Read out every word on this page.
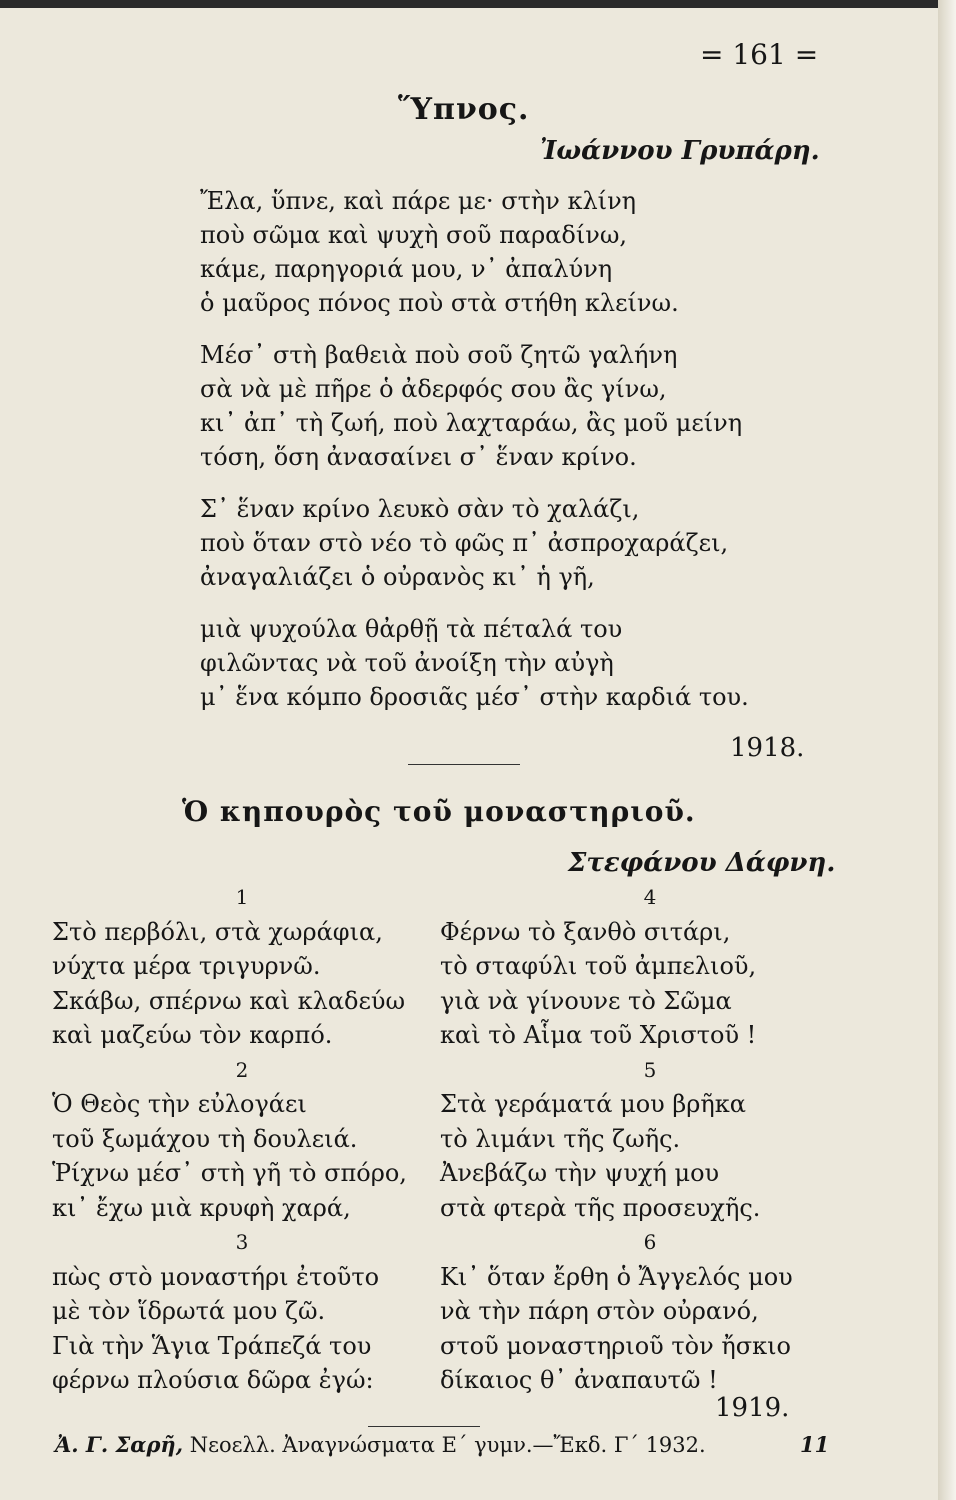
= 161 =
Ὕπνος.
Ἰωάννου Γρυπάρη.
Ἔλα, ὕπνε, καὶ πάρε με· στὴν κλίνη
ποὺ σῶμα καὶ ψυχὴ σοῦ παραδίνω,
κάμε, παρηγοριά μου, ν᾽ ἀπαλύνη
ὁ μαῦρος πόνος ποὺ στὰ στήθη κλείνω.
Μέσ᾽ στὴ βαθειὰ ποὺ σοῦ ζητῶ γαλήνη
σὰ νὰ μὲ πῆρε ὁ ἀδερφός σου ἂς γίνω,
κι᾽ ἀπ᾽ τὴ ζωή, ποὺ λαχταράω, ἂς μοῦ μείνη
τόση, ὅση ἀνασαίνει σ᾽ ἕναν κρίνο.
Σ᾽ ἕναν κρίνο λευκὸ σὰν τὸ χαλάζι,
ποὺ ὅταν στὸ νέο τὸ φῶς π᾽ ἀσπροχαράζει,
ἀναγαλιάζει ὁ οὐρανὸς κι᾽ ἡ γῆ,
μιὰ ψυχούλα θἀρθῇ τὰ πέταλά του
φιλῶντας νὰ τοῦ ἀνοίξη τὴν αὐγὴ
μ᾽ ἕνα κόμπο δροσιᾶς μέσ᾽ στὴν καρδιά του.
1918.
Ὁ κηπουρὸς τοῦ μοναστηριοῦ.
Στεφάνου Δάφνη.
1
Στὸ περβόλι, στὰ χωράφια,
νύχτα μέρα τριγυρνῶ.
Σκάβω, σπέρνω καὶ κλαδεύω
καὶ μαζεύω τὸν καρπό.
2
Ὁ Θεὸς τὴν εὐλογάει
τοῦ ξωμάχου τὴ δουλειά.
Ῥίχνω μέσ᾽ στὴ γῆ τὸ σπόρο,
κι᾽ ἔχω μιὰ κρυφὴ χαρά,
3
πὼς στὸ μοναστήρι ἐτοῦτο
μὲ τὸν ἵδρωτά μου ζῶ.
Γιὰ τὴν Ἅγια Τράπεζά του
φέρνω πλούσια δῶρα ἐγώ:
4
Φέρνω τὸ ξανθὸ σιτάρι,
τὸ σταφύλι τοῦ ἀμπελιοῦ,
γιὰ νὰ γίνουνε τὸ Σῶμα
καὶ τὸ Αἷμα τοῦ Χριστοῦ !
5
Στὰ γεράματά μου βρῆκα
τὸ λιμάνι τῆς ζωῆς.
Ἀνεβάζω τὴν ψυχή μου
στὰ φτερὰ τῆς προσευχῆς.
6
Κι᾽ ὅταν ἔρθη ὁ Ἄγγελός μου
νὰ τὴν πάρη στὸν οὐρανό,
στοῦ μοναστηριοῦ τὸν ἤσκιο
δίκαιος θ᾽ ἀναπαυτῶ !
1919.
Ἀ. Γ. Σαρῆ, Νεοελλ. Ἀναγνώσματα Ε΄ γυμν.—Ἔκδ. Γ΄ 1932.	11
